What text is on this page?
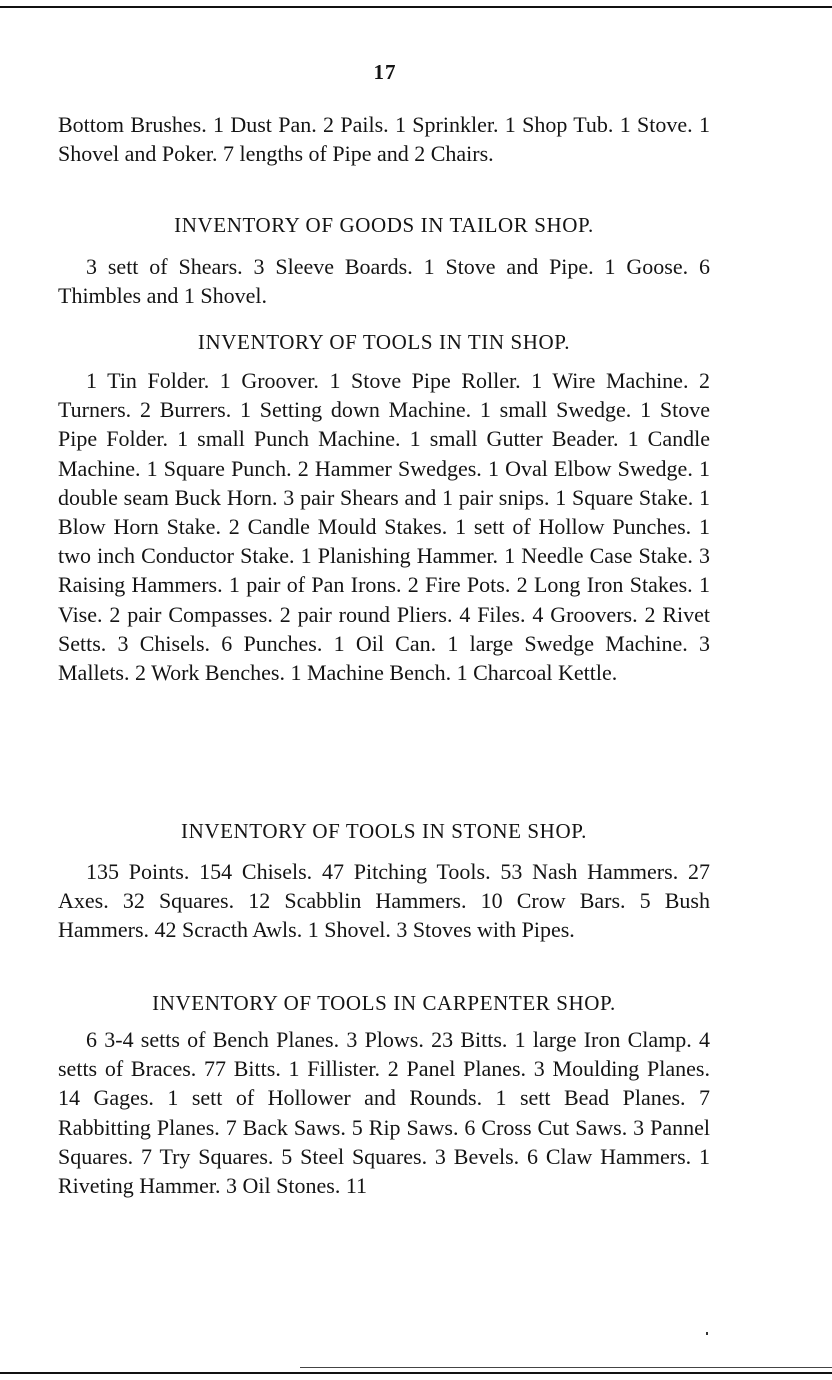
17

Bottom Brushes. 1 Dust Pan. 2 Pails. 1 Sprinkler. 1 Shop Tub. 1 Stove. 1 Shovel and Poker. 7 lengths of Pipe and 2 Chairs.

INVENTORY OF GOODS IN TAILOR SHOP.

3 sett of Shears. 3 Sleeve Boards. 1 Stove and Pipe. 1 Goose. 6 Thimbles and 1 Shovel.

INVENTORY OF TOOLS IN TIN SHOP.

1 Tin Folder. 1 Groover. 1 Stove Pipe Roller. 1 Wire Machine. 2 Turners. 2 Burrers. 1 Setting down Machine. 1 small Swedge. 1 Stove Pipe Folder. 1 small Punch Machine. 1 small Gutter Beader. 1 Candle Machine. 1 Square Punch. 2 Hammer Swedges. 1 Oval Elbow Swedge. 1 double seam Buck Horn. 3 pair Shears and 1 pair snips. 1 Square Stake. 1 Blow Horn Stake. 2 Candle Mould Stakes. 1 sett of Hollow Punches. 1 two inch Conductor Stake. 1 Planishing Hammer. 1 Needle Case Stake. 3 Raising Hammers. 1 pair of Pan Irons. 2 Fire Pots. 2 Long Iron Stakes. 1 Vise. 2 pair Compasses. 2 pair round Pliers. 4 Files. 4 Groovers. 2 Rivet Setts. 3 Chisels. 6 Punches. 1 Oil Can. 1 large Swedge Machine. 3 Mallets. 2 Work Benches. 1 Machine Bench. 1 Charcoal Kettle.

INVENTORY OF TOOLS IN STONE SHOP.

135 Points. 154 Chisels. 47 Pitching Tools. 53 Nash Hammers. 27 Axes. 32 Squares. 12 Scabblin Hammers. 10 Crow Bars. 5 Bush Hammers. 42 Scracth Awls. 1 Shovel. 3 Stoves with Pipes.

INVENTORY OF TOOLS IN CARPENTER SHOP.

6 3-4 setts of Bench Planes. 3 Plows. 23 Bitts. 1 large Iron Clamp. 4 setts of Braces. 77 Bitts. 1 Fillister. 2 Panel Planes. 3 Moulding Planes. 14 Gages. 1 sett of Hollower and Rounds. 1 sett Bead Planes. 7 Rabbitting Planes. 7 Back Saws. 5 Rip Saws. 6 Cross Cut Saws. 3 Pannel Squares. 7 Try Squares. 5 Steel Squares. 3 Bevels. 6 Claw Hammers. 1 Riveting Hammer. 3 Oil Stones. 11
